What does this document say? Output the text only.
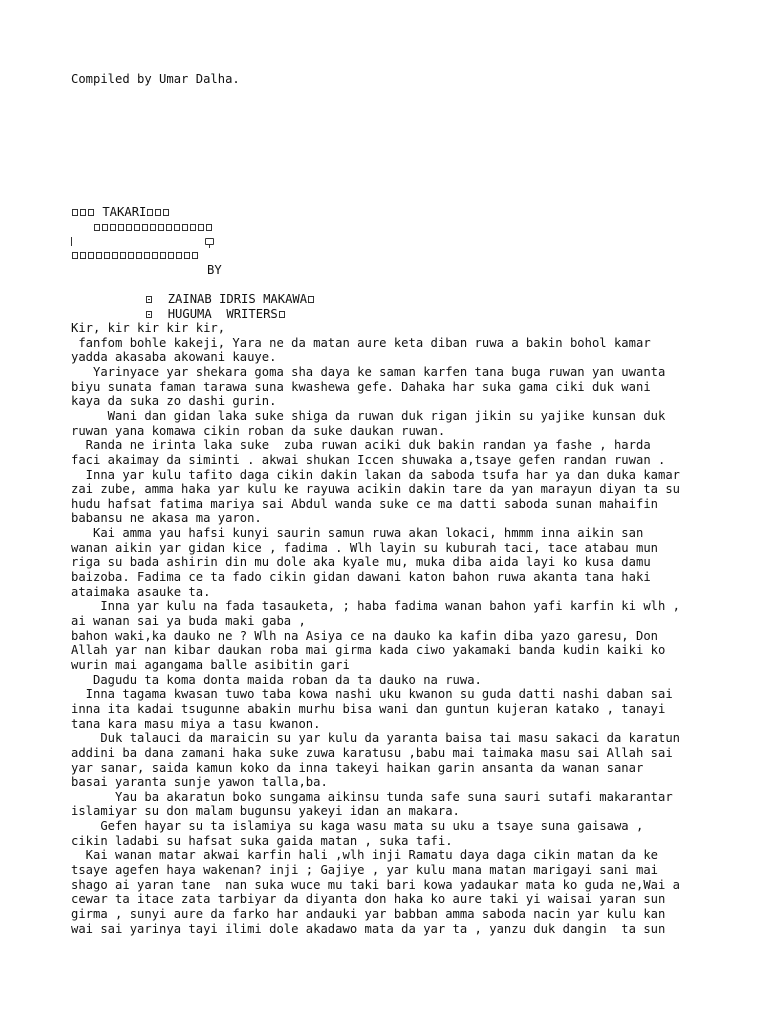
Compiled by Umar Dalha.
TAKARI
BY
ZAINAB IDRIS MAKAWA
HUGUMA  WRITERS
Kir, kir kir kir kir,
fanfom bohle kakeji, Yara ne da matan aure keta diban ruwa a bakin bohol kamar
yadda akasaba akowani kauye.
Yarinyace yar shekara goma sha daya ke saman karfen tana buga ruwan yan uwanta
biyu sunata faman tarawa suna kwashewa gefe. Dahaka har suka gama ciki duk wani
kaya da suka zo dashi gurin.
Wani dan gidan laka suke shiga da ruwan duk rigan jikin su yajike kunsan duk
ruwan yana komawa cikin roban da suke daukan ruwan.
Randa ne irinta laka suke  zuba ruwan aciki duk bakin randan ya fashe , harda
faci akaimay da siminti . akwai shukan Iccen shuwaka a,tsaye gefen randan ruwan .
Inna yar kulu tafito daga cikin dakin lakan da saboda tsufa har ya dan duka kamar
zai zube, amma haka yar kulu ke rayuwa acikin dakin tare da yan marayun diyan ta su
hudu hafsat fatima mariya sai Abdul wanda suke ce ma datti saboda sunan mahaifin
babansu ne akasa ma yaron.
Kai amma yau hafsi kunyi saurin samun ruwa akan lokaci, hmmm inna aikin san
wanan aikin yar gidan kice , fadima . Wlh layin su kuburah taci, tace atabau mun
riga su bada ashirin din mu dole aka kyale mu, muka diba aida layi ko kusa damu
baizoba. Fadima ce ta fado cikin gidan dawani katon bahon ruwa akanta tana haki
ataimaka asauke ta.
Inna yar kulu na fada tasauketa, ; haba fadima wanan bahon yafi karfin ki wlh ,
ai wanan sai ya buda maki gaba ,
bahon waki,ka dauko ne ? Wlh na Asiya ce na dauko ka kafin diba yazo garesu, Don
Allah yar nan kibar daukan roba mai girma kada ciwo yakamaki banda kudin kaiki ko
wurin mai agangama balle asibitin gari
Dagudu ta koma donta maida roban da ta dauko na ruwa.
Inna tagama kwasan tuwo taba kowa nashi uku kwanon su guda datti nashi daban sai
inna ita kadai tsugunne abakin murhu bisa wani dan guntun kujeran katako , tanayi
tana kara masu miya a tasu kwanon.
Duk talauci da maraicin su yar kulu da yaranta baisa tai masu sakaci da karatun
addini ba dana zamani haka suke zuwa karatusu ,babu mai taimaka masu sai Allah sai
yar sanar, saida kamun koko da inna takeyi haikan garin ansanta da wanan sanar
basai yaranta sunje yawon talla,ba.
Yau ba akaratun boko sungama aikinsu tunda safe suna sauri sutafi makarantar
islamiyar su don malam bugunsu yakeyi idan an makara.
Gefen hayar su ta islamiya su kaga wasu mata su uku a tsaye suna gaisawa ,
cikin ladabi su hafsat suka gaida matan , suka tafi.
Kai wanan matar akwai karfin hali ,wlh inji Ramatu daya daga cikin matan da ke
tsaye agefen haya wakenan? inji ; Gajiye , yar kulu mana matan marigayi sani mai
shago ai yaran tane  nan suka wuce mu taki bari kowa yadaukar mata ko guda ne,Wai a
cewar ta itace zata tarbiyar da diyanta don haka ko aure taki yi waisai yaran sun
girma , sunyi aure da farko har andauki yar babban amma saboda nacin yar kulu kan
wai sai yarinya tayi ilimi dole akadawo mata da yar ta , yanzu duk dangin  ta sun
